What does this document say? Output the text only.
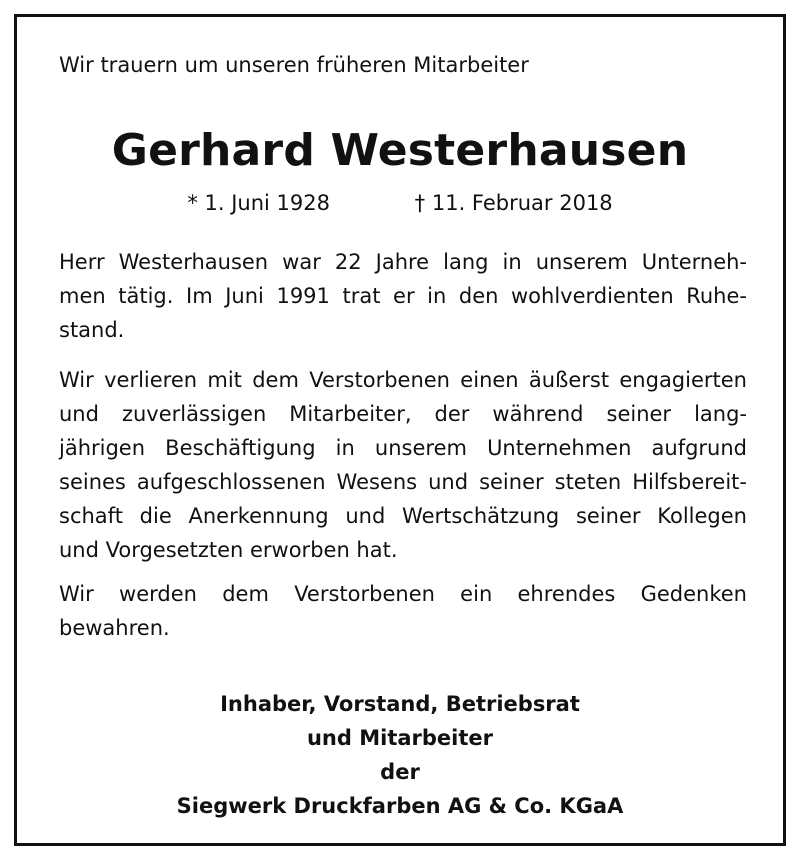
Wir trauern um unseren früheren Mitarbeiter
Gerhard Westerhausen
* 1. Juni 1928	† 11. Februar 2018
Herr Westerhausen war 22 Jahre lang in unserem Unterneh-
men tätig. Im Juni 1991 trat er in den wohlverdienten Ruhe-
stand.
Wir verlieren mit dem Verstorbenen einen äußerst engagierten
und zuverlässigen Mitarbeiter, der während seiner lang-
jährigen Beschäftigung in unserem Unternehmen aufgrund
seines aufgeschlossenen Wesens und seiner steten Hilfsbereit-
schaft die Anerkennung und Wertschätzung seiner Kollegen
und Vorgesetzten erworben hat.
Wir werden dem Verstorbenen ein ehrendes Gedenken
bewahren.
Inhaber, Vorstand, Betriebsrat
und Mitarbeiter
der
Siegwerk Druckfarben AG & Co. KGaA
